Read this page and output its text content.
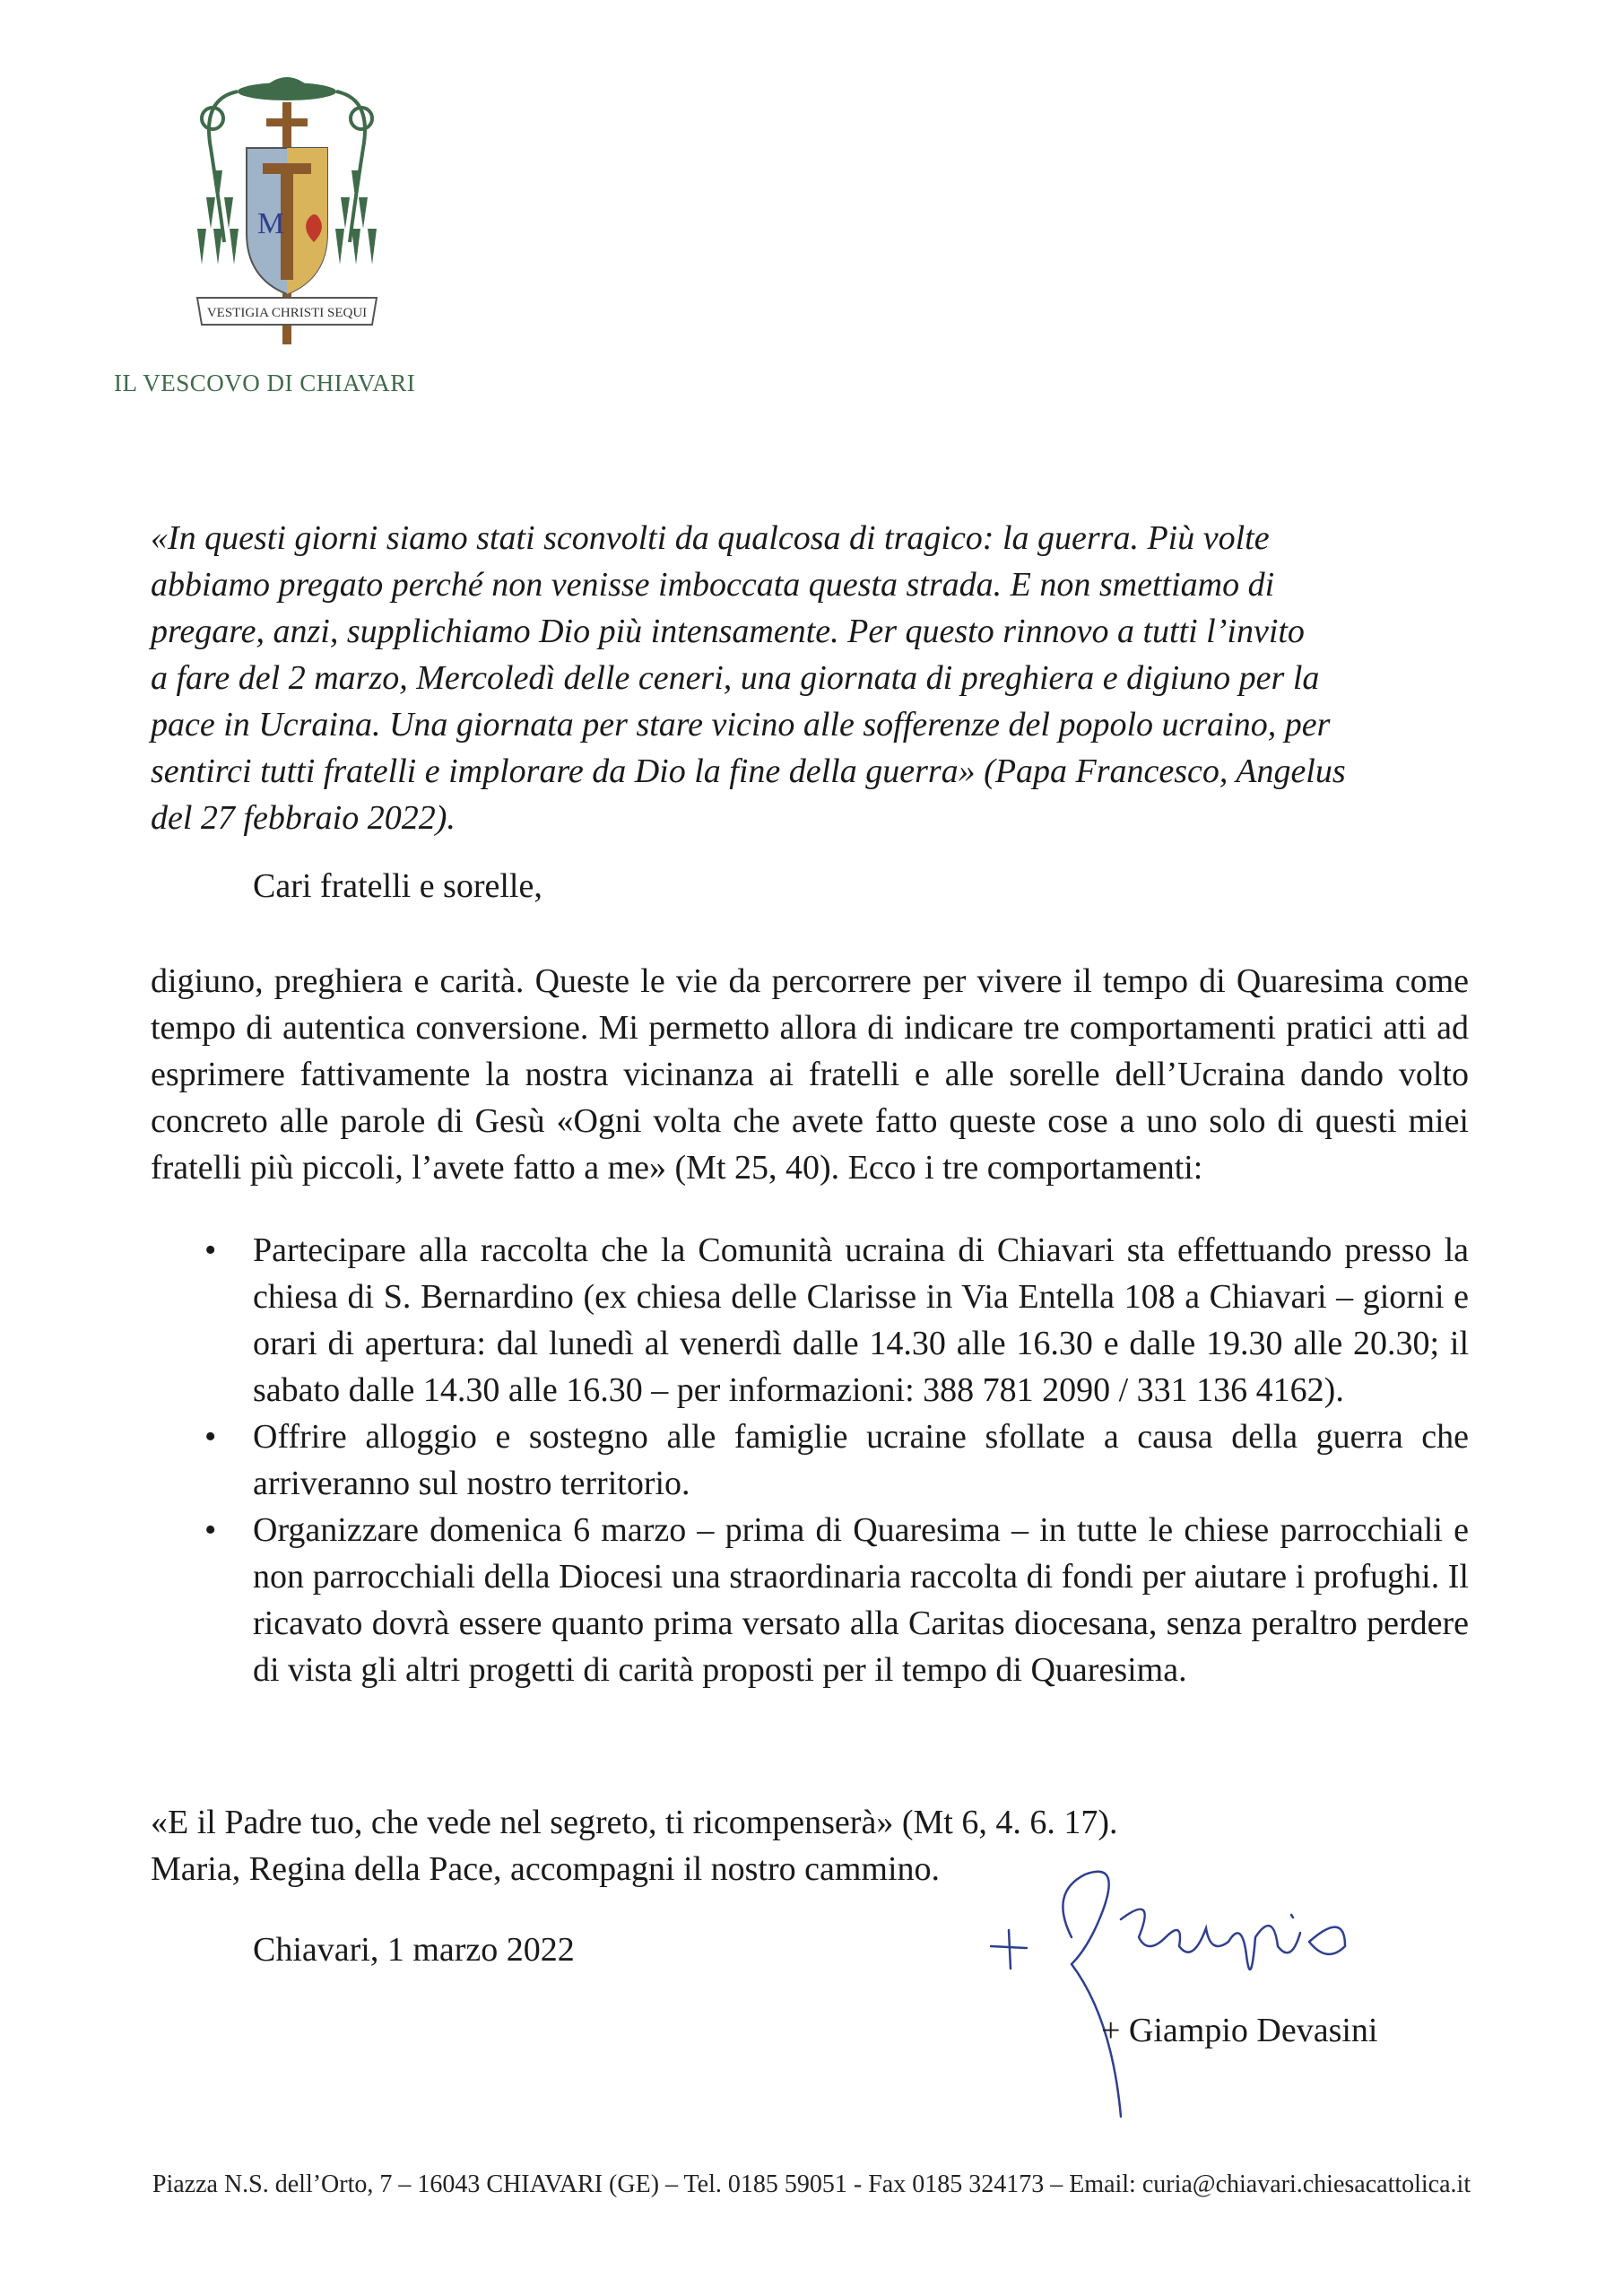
M
VESTIGIA CHRISTI SEQUI
IL VESCOVO DI CHIAVARI
«In questi giorni siamo stati sconvolti da qualcosa di tragico: la guerra. Più volte
abbiamo pregato perché non venisse imboccata questa strada. E non smettiamo di
pregare, anzi, supplichiamo Dio più intensamente. Per questo rinnovo a tutti l’invito
a fare del 2 marzo, Mercoledì delle ceneri, una giornata di preghiera e digiuno per la
pace in Ucraina. Una giornata per stare vicino alle sofferenze del popolo ucraino, per
sentirci tutti fratelli e implorare da Dio la fine della guerra» (Papa Francesco, Angelus
del 27 febbraio 2022).
Cari fratelli e sorelle,
digiuno, preghiera e carità. Queste le vie da percorrere per vivere il tempo di Quaresima come tempo di autentica conversione. Mi permetto allora di indicare tre comportamenti pratici atti ad esprimere fattivamente la nostra vicinanza ai fratelli e alle sorelle dell’Ucraina dando volto concreto alle parole di Gesù «Ogni volta che avete fatto queste cose a uno solo di questi miei fratelli più piccoli, l’avete fatto a me» (Mt 25, 40). Ecco i tre comportamenti:
• Partecipare alla raccolta che la Comunità ucraina di Chiavari sta effettuando presso la chiesa di S. Bernardino (ex chiesa delle Clarisse in Via Entella 108 a Chiavari – giorni e orari di apertura: dal lunedì al venerdì dalle 14.30 alle 16.30 e dalle 19.30 alle 20.30; il sabato dalle 14.30 alle 16.30 – per informazioni: 388 781 2090 / 331 136 4162).
• Offrire alloggio e sostegno alle famiglie ucraine sfollate a causa della guerra che arriveranno sul nostro territorio.
• Organizzare domenica 6 marzo – prima di Quaresima – in tutte le chiese parrocchiali e non parrocchiali della Diocesi una straordinaria raccolta di fondi per aiutare i profughi. Il ricavato dovrà essere quanto prima versato alla Caritas diocesana, senza peraltro perdere di vista gli altri progetti di carità proposti per il tempo di Quaresima.
«E il Padre tuo, che vede nel segreto, ti ricompenserà» (Mt 6, 4. 6. 17).
Maria, Regina della Pace, accompagni il nostro cammino.
Chiavari, 1 marzo 2022
+ Giampio Devasini
Piazza N.S. dell’Orto, 7 – 16043 CHIAVARI (GE) – Tel. 0185 59051 - Fax 0185 324173 – Email: curia@chiavari.chiesacattolica.it
